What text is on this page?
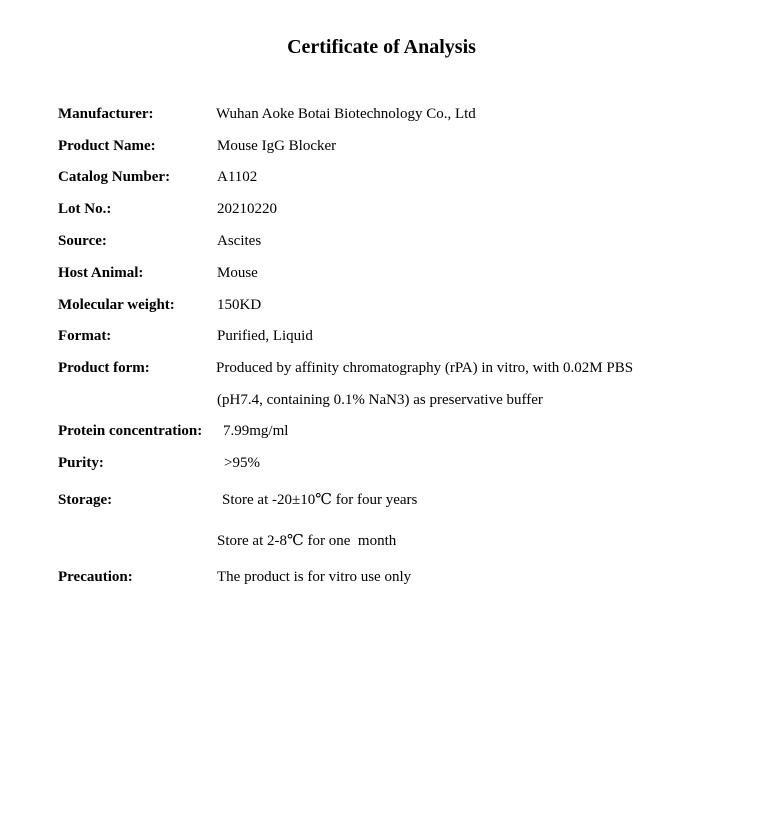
Certificate of Analysis
Manufacturer:	Wuhan Aoke Botai Biotechnology Co., Ltd
Product Name:	Mouse IgG Blocker
Catalog Number:	A1102
Lot No.:	20210220
Source:	Ascites
Host Animal:	Mouse
Molecular weight:	150KD
Format:	Purified, Liquid
Product form:	Produced by affinity chromatography (rPA) in vitro, with 0.02M PBS
(pH7.4, containing 0.1% NaN3) as preservative buffer
Protein concentration: 7.99mg/ml
Purity:	>95%
Storage:	Store at -20±10℃ for four years
Store at 2-8℃ for one  month
Precaution:	The product is for vitro use only
